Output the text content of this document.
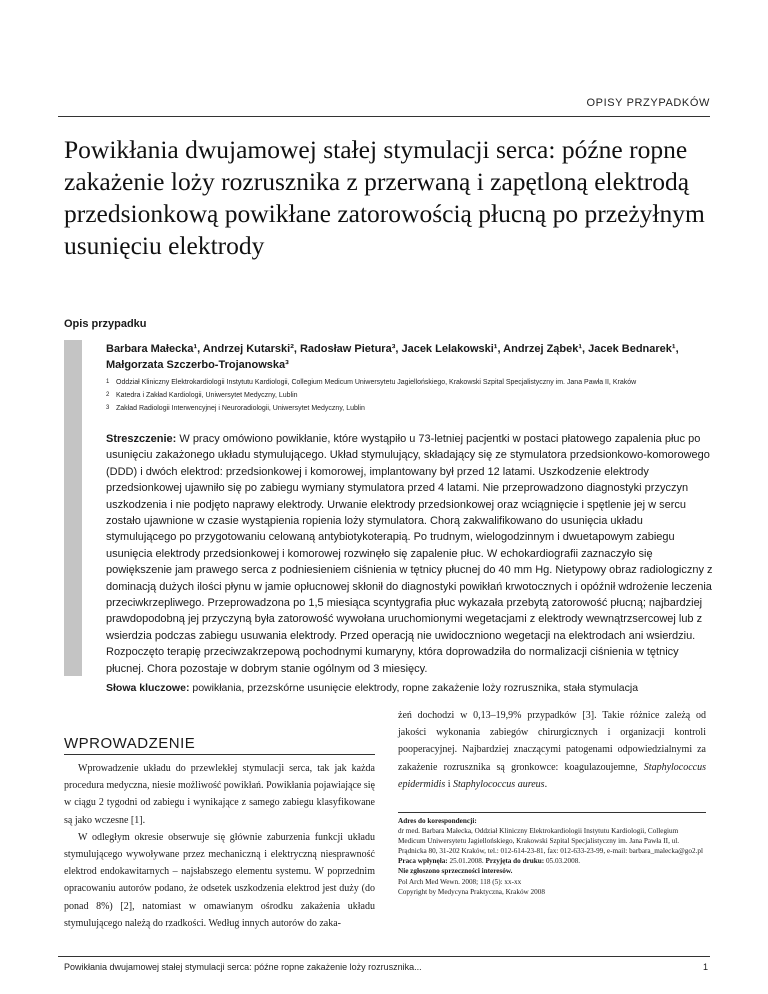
OPISY PRZYPADKÓW
Powikłania dwujamowej stałej stymulacji serca: późne ropne zakażenie loży rozrusznika z przerwaną i zapętloną elektrodą przedsionkową powikłane zatorowością płucną po przeżyłnym usunięciu elektrody
Opis przypadku
Barbara Małecka¹, Andrzej Kutarski², Radosław Pietura³, Jacek Lelakowski¹, Andrzej Ząbek¹, Jacek Bednarek¹, Małgorzata Szczerbo-Trojanowska³
1 Oddział Kliniczny Elektrokardiologii Instytutu Kardiologii, Collegium Medicum Uniwersytetu Jagiellońskiego, Krakowski Szpital Specjalistyczny im. Jana Pawła II, Kraków
2 Katedra i Zakład Kardiologii, Uniwersytet Medyczny, Lublin
3 Zakład Radiologii Interwencyjnej i Neuroradiologii, Uniwersytet Medyczny, Lublin
Streszczenie: W pracy omówiono powikłanie, które wystąpiło u 73-letniej pacjentki w postaci płatowego zapalenia płuc po usunięciu zakażonego układu stymulującego. Układ stymulujący, składający się ze stymulatora przedsionkowo-komorowego (DDD) i dwóch elektrod: przedsionkowej i komorowej, implantowany był przed 12 latami. Uszkodzenie elektrody przedsionkowej ujawniło się po zabiegu wymiany stymulatora przed 4 latami. Nie przeprowadzono diagnostyki przyczyn uszkodzenia i nie podjęto naprawy elektrody. Urwanie elektrody przedsionkowej oraz wciągnięcie i spętlenie jej w sercu zostało ujawnione w czasie wystąpienia ropienia loży stymulatora. Chorą zakwalifikowano do usunięcia układu stymulującego po przygotowaniu celowaną antybiotykoterapią. Po trudnym, wielogodzinnym i dwuetapowym zabiegu usunięcia elektrody przedsionkowej i komorowej rozwinęło się zapalenie płuc. W echokardiografii zaznaczyło się powiększenie jam prawego serca z podniesieniem ciśnienia w tętnicy płucnej do 40 mm Hg. Nietypowy obraz radiologiczny z dominacją dużych ilości płynu w jamie opłucnowej skłonił do diagnostyki powikłań krwotocznych i opóźnił wdrożenie leczenia przeciwkrzepliwego. Przeprowadzona po 1,5 miesiąca scyntygrafia płuc wykazała przebytą zatorowość płucną; najbardziej prawdopodobną jej przyczyną była zatorowość wywołana uruchomionymi wegetacjami z elektrody wewnątrzsercowej lub z wsierdzia podczas zabiegu usuwania elektrody. Przed operacją nie uwidoczniono wegetacji na elektrodach ani wsierdziu. Rozpoczęto terapię przeciwzakrzepową pochodnymi kumaryny, która doprowadziła do normalizacji ciśnienia w tętnicy płucnej. Chora pozostaje w dobrym stanie ogólnym od 3 miesięcy.
Słowa kluczowe: powikłania, przezskórne usunięcie elektrody, ropne zakażenie loży rozrusznika, stała stymulacja
WPROWADZENIE

Wprowadzenie układu do przewlekłej stymulacji serca, tak jak każda procedura medyczna, niesie możliwość powikłań. Powikłania pojawiające się w ciągu 2 tygodni od zabiegu i wynikające z samego zabiegu klasyfikowane są jako wczesne [1].

W odległym okresie obserwuje się głównie zaburzenia funkcji układu stymulującego wywoływane przez mechaniczną i elektryczną niesprawność elektrod endokawitarnych – najsłabszego elementu systemu. W poprzednim opracowaniu autorów podano, że odsetek uszkodzenia elektrod jest duży (do ponad 8%) [2], natomiast w omawianym ośrodku zakażenia układu stymulującego należą do rzadkości. Według innych autorów do zaka-

żeń dochodzi w 0,13–19,9% przypadków [3]. Takie różnice zależą od jakości wykonania zabiegów chirurgicznych i organizacji kontroli pooperacyjnej. Najbardziej znaczącymi patogenami odpowiedzialnymi za zakażenie rozrusznika są gronkowce: koagulazoujemne, Staphylococcus epidermidis i Staphylococcus aureus.

Adres do korespondencji:
dr med. Barbara Małecka, Oddział Kliniczny Elektrokardiologii Instytutu Kardiologii, Collegium Medicum Uniwersytetu Jagiellońskiego, Krakowski Szpital Specjalistyczny im. Jana Pawła II, ul. Prądnicka 80, 31-202 Kraków, tel.: 012-614-23-81, fax: 012-633-23-99, e-mail: barbara_malecka@go2.pl
Praca wpłynęła: 25.01.2008. Przyjęta do druku: 05.03.2008.
Nie zgłoszono sprzeczności interesów.
Pol Arch Med Wewn. 2008; 118 (5): xx-xx
Copyright by Medycyna Praktyczna, Kraków 2008
Powikłania dwujamowej stałej stymulacji serca: późne ropne zakażenie loży rozrusznika...	1
